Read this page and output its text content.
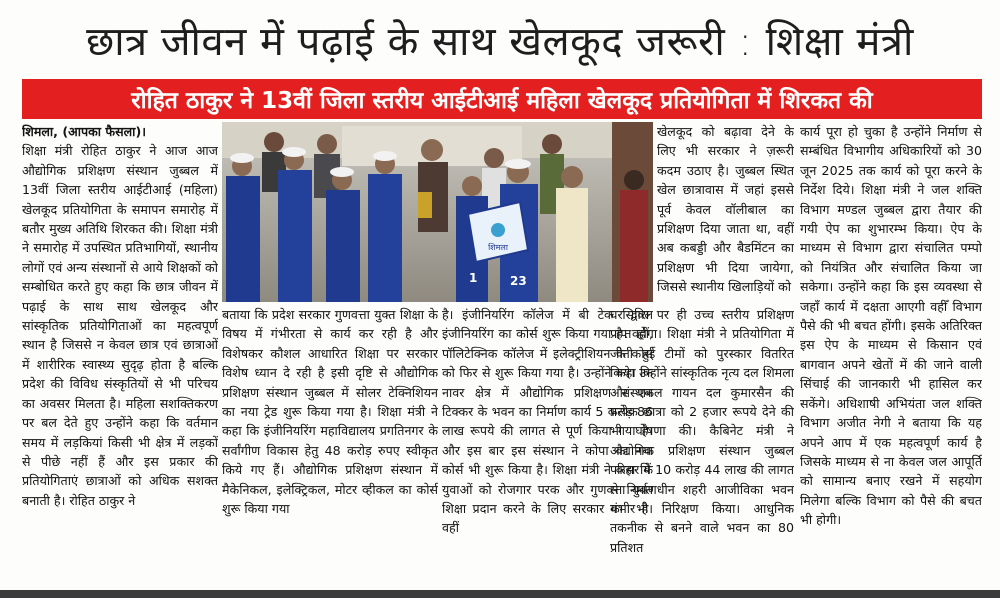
छात्र जीवन में पढ़ाई के साथ खेलकूद जरूरी : शिक्षा मंत्री
रोहित ठाकुर ने 13वीं जिला स्तरीय आईटीआई महिला खेलकूद प्रतियोगिता में शिरकत की

शिमला, (आपका फैसला)।

शिक्षा मंत्री रोहित ठाकुर ने आज आज औद्योगिक प्रशिक्षण संस्थान जुब्बल में 13वीं जिला स्तरीय आईटीआई (महिला) खेलकूद प्रतियोगिता के समापन समारोह में बतौर मुख्य अतिथि शिरकत की। शिक्षा मंत्री ने समारोह में उपस्थित प्रतिभागियों, स्थानीय लोगों एवं अन्य संस्थानों से आये शिक्षकों को सम्बोधित करते हुए कहा कि छात्र जीवन में पढ़ाई के साथ साथ खेलकूद और सांस्कृतिक प्रतियोगिताओं का महत्वपूर्ण स्थान है जिससे न केवल छात्र एवं छात्राओं में शारीरिक स्वास्थ्य सुदृढ़ होता है बल्कि प्रदेश की विविध संस्कृतियों से भी परिचय का अवसर मिलता है। महिला सशक्तिकरण पर बल देते हुए उन्होंने कहा कि वर्तमान समय में लड़कियां किसी भी क्षेत्र में लड़कों से पीछे नहीं हैं और इस प्रकार की प्रतियोगिताएं छात्राओं को अधिक सशक्त बनाती है। रोहित ठाकुर ने

शिमला
1	23

खेलकूद को बढ़ावा देने के लिए भी सरकार ने ज़रूरी कदम उठाए है। जुब्बल स्थित खेल छात्रावास में जहां इससे पूर्व केवल वॉलीबाल का प्रशिक्षण दिया जाता था, वहीं अब कबड्डी और बैडमिंटन का प्रशिक्षण भी दिया जायेगा, जिससे स्थानीय खिलाड़ियों को

बताया कि प्रदेश सरकार गुणवत्ता युक्त शिक्षा के विषय में गंभीरता से कार्य कर रही है और विशेषकर कौशल आधारित शिक्षा पर सरकार विशेष ध्यान दे रही है इसी दृष्टि से औद्योगिक प्रशिक्षण संस्थान जुब्बल में सोलर टेक्निशियन का नया ट्रेड शुरू किया गया है। शिक्षा मंत्री ने कहा कि इंजीनियरिंग महाविद्यालय प्रगतिनगर के सर्वांगीण विकास हेतु 48 करोड़ रुपए स्वीकृत किये गए हैं। औद्योगिक प्रशिक्षण संस्थान में मैकेनिकल, इलेक्ट्रिकल, मोटर व्हीकल का कोर्स शुरू किया गया

है। इंजीनियरिंग कॉलेज में बी टेक सिविल इंजीनियरिंग का कोर्स शुरू किया गया है। वहीं, पॉलिटेक्निक कॉलेज में इलेक्ट्रीशियन के कोर्स को फिर से शुरू किया गया है। उन्होंने कहा कि नावर क्षेत्र में औद्योगिक प्रशिक्षण संस्थान टिक्कर के भवन का निर्माण कार्य 5 करोड़ 86 लाख रूपये की लागत से पूर्ण किया गया है। और इस बार इस संस्थान ने कोपा का नया कोर्स भी शुरू किया है। शिक्षा मंत्री ने कहा कि युवाओं को रोजगार परक और गुणवत्ता युक्त शिक्षा प्रदान करने के लिए सरकार गंभीर है। वहीं

घर द्वारा पर ही उच्च स्तरीय प्रशिक्षण प्राप्त होगा। शिक्षा मंत्री ने प्रतियोगिता में जीती हुई टीमों को पुरस्कार वितरित किये। उन्होंने सांस्कृतिक नृत्य दल शिमला और एकल गायन दल कुमारसैन की प्रत्येक छात्रा को 2 हजार रूपये देने की भी घोषणा की। कैबिनेट मंत्री ने औद्योगिक प्रशिक्षण संस्थान जुब्बल परिसर में 10 करोड़ 44 लाख की लागत से निर्माणधीन शहरी आजीविका भवन का भी निरिक्षण किया। आधुनिक तकनीक से बनने वाले भवन का 80 प्रतिशत

कार्य पूरा हो चुका है उन्होंने निर्माण से सम्बंधित विभागीय अधिकारियों को 30 जून 2025 तक कार्य को पूरा करने के निर्देश दिये। शिक्षा मंत्री ने जल शक्ति विभाग मण्डल जुब्बल द्वारा तैयार की गयी ऐप का शुभारम्भ किया। ऐप के माध्यम से विभाग द्वारा संचालित पम्पो को नियंत्रित और संचालित किया जा सकेगा। उन्होंने कहा कि इस व्यवस्था से जहाँ कार्य में दक्षता आएगी वहीँ विभाग पैसे की भी बचत होंगी। इसके अतिरिक्त इस ऐप के माध्यम से किसान एवं बागवान अपने खेतों में की जाने वाली सिंचाई की जानकारी भी हासिल कर सकेंगे। अधिशाषी अभियंता जल शक्ति विभाग अजीत नेगी ने बताया कि यह अपने आप में एक महत्वपूर्ण कार्य है जिसके माध्यम से ना केवल जल आपूर्ति को सामान्य बनाए रखने में सहयोग मिलेगा बल्कि विभाग को पैसे की बचत भी होगी।
